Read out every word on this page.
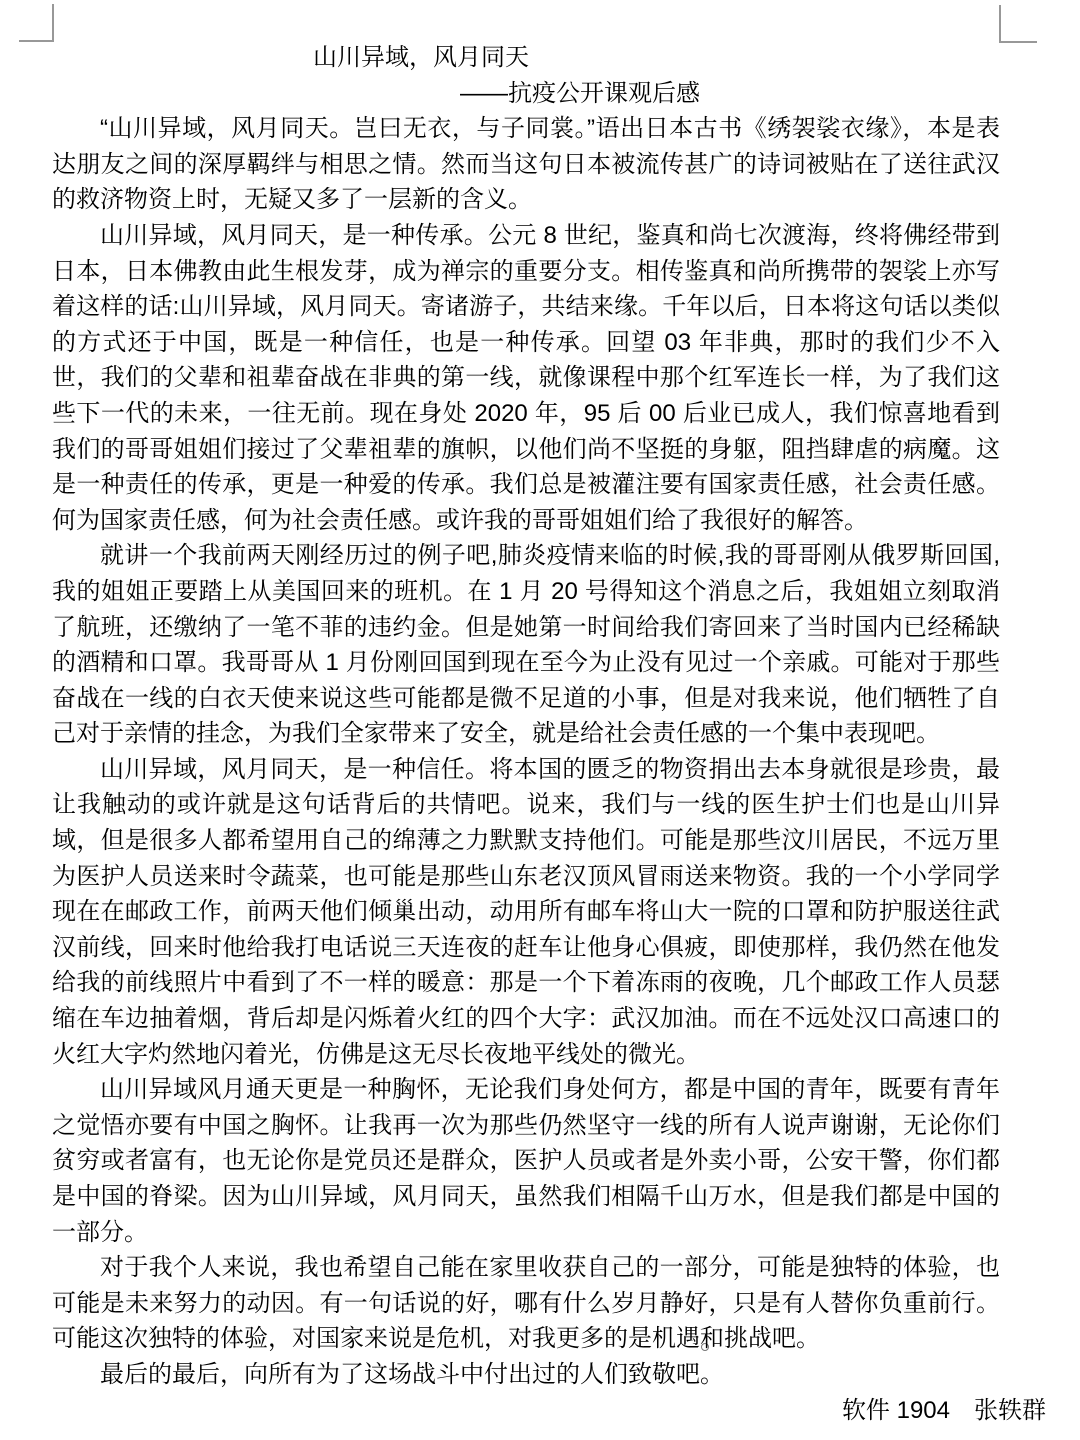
山川异域，风月同天
——抗疫公开课观后感

“山川异域，风月同天。岂曰无衣，与子同裳。”语出日本古书《绣袈裟衣缘》，本是表达朋友之间的深厚羁绊与相思之情。然而当这句日本被流传甚广的诗词被贴在了送往武汉的救济物资上时，无疑又多了一层新的含义。

山川异域，风月同天，是一种传承。公元 8 世纪，鉴真和尚七次渡海，终将佛经带到日本，日本佛教由此生根发芽，成为禅宗的重要分支。相传鉴真和尚所携带的袈裟上亦写着这样的话:山川异域，风月同天。寄诸游子，共结来缘。千年以后，日本将这句话以类似的方式还于中国，既是一种信任，也是一种传承。回望 03 年非典，那时的我们少不入世，我们的父辈和祖辈奋战在非典的第一线，就像课程中那个红军连长一样，为了我们这些下一代的未来，一往无前。现在身处 2020 年，95 后 00 后业已成人，我们惊喜地看到我们的哥哥姐姐们接过了父辈祖辈的旗帜，以他们尚不坚挺的身躯，阻挡肆虐的病魔。这是一种责任的传承，更是一种爱的传承。我们总是被灌注要有国家责任感，社会责任感。何为国家责任感，何为社会责任感。或许我的哥哥姐姐们给了我很好的解答。

就讲一个我前两天刚经历过的例子吧,肺炎疫情来临的时候,我的哥哥刚从俄罗斯回国,我的姐姐正要踏上从美国回来的班机。在 1 月 20 号得知这个消息之后，我姐姐立刻取消了航班，还缴纳了一笔不菲的违约金。但是她第一时间给我们寄回来了当时国内已经稀缺的酒精和口罩。我哥哥从 1 月份刚回国到现在至今为止没有见过一个亲戚。可能对于那些奋战在一线的白衣天使来说这些可能都是微不足道的小事，但是对我来说，他们牺牲了自己对于亲情的挂念，为我们全家带来了安全，就是给社会责任感的一个集中表现吧。

山川异域，风月同天，是一种信任。将本国的匮乏的物资捐出去本身就很是珍贵，最让我触动的或许就是这句话背后的共情吧。说来，我们与一线的医生护士们也是山川异域，但是很多人都希望用自己的绵薄之力默默支持他们。可能是那些汶川居民，不远万里为医护人员送来时令蔬菜，也可能是那些山东老汉顶风冒雨送来物资。我的一个小学同学现在在邮政工作，前两天他们倾巢出动，动用所有邮车将山大一院的口罩和防护服送往武汉前线，回来时他给我打电话说三天连夜的赶车让他身心俱疲，即使那样，我仍然在他发给我的前线照片中看到了不一样的暖意：那是一个下着冻雨的夜晚，几个邮政工作人员瑟缩在车边抽着烟，背后却是闪烁着火红的四个大字：武汉加油。而在不远处汉口高速口的火红大字灼然地闪着光，仿佛是这无尽长夜地平线处的微光。

山川异域风月通天更是一种胸怀，无论我们身处何方，都是中国的青年，既要有青年之觉悟亦要有中国之胸怀。让我再一次为那些仍然坚守一线的所有人说声谢谢，无论你们贫穷或者富有，也无论你是党员还是群众，医护人员或者是外卖小哥，公安干警，你们都是中国的脊梁。因为山川异域，风月同天，虽然我们相隔千山万水，但是我们都是中国的一部分。

对于我个人来说，我也希望自己能在家里收获自己的一部分，可能是独特的体验，也可能是未来努力的动因。有一句话说的好，哪有什么岁月静好，只是有人替你负重前行。可能这次独特的体验，对国家来说是危机，对我更多的是机遇和挑战吧。

最后的最后，向所有为了这场战斗中付出过的人们致敬吧。

软件 1904　张轶群
